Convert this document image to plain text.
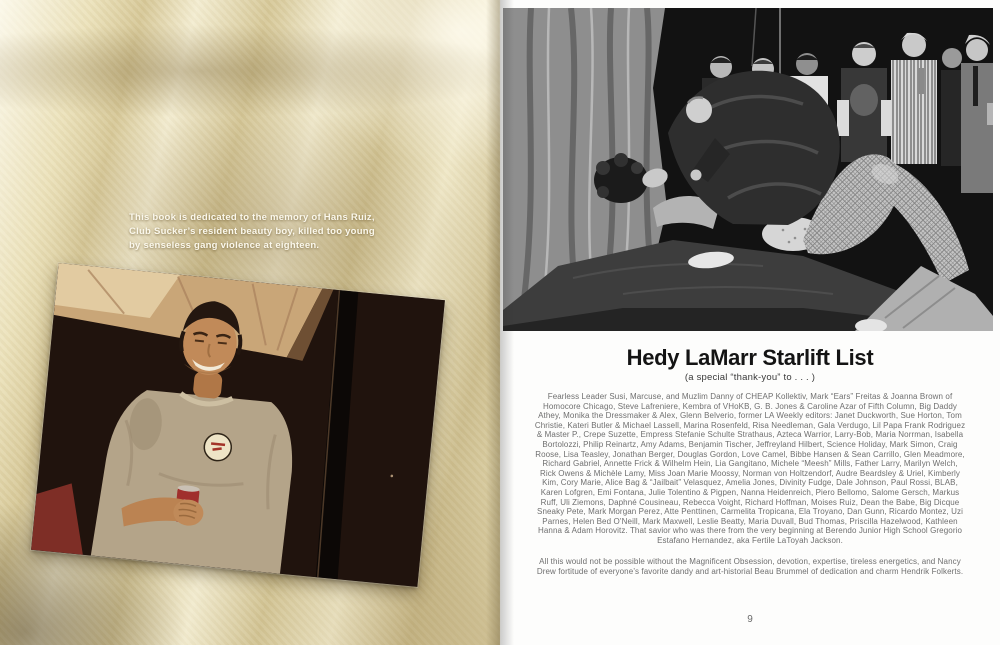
This book is dedicated to the memory of Hans Ruiz,
Club Sucker’s resident beauty boy, killed too young
by senseless gang violence at eighteen.
Hedy LaMarr Starlift List
(a special “thank-you” to . . . )

Fearless Leader Susi, Marcuse, and Muzlim Danny of CHEAP Kollektiv, Mark “Ears” Freitas & Joanna Brown of Homocore Chicago, Steve Lafreniere, Kembra of VHoKB, G. B. Jones & Caroline Azar of Fifth Column, Big Daddy Athey, Monika the Dressmaker & Alex, Glenn Belverio, former LA Weekly editors: Janet Duckworth, Sue Horton, Tom Christie, Kateri Butler & Michael Lassell, Marina Rosenfeld, Risa Needleman, Gala Verdugo, Lil Papa Frank Rodriguez & Master P., Crepe Suzette, Empress Stefanie Schulte Strathaus, Azteca Warrior, Larry-Bob, Maria Norrman, Isabella Bortolozzi, Philip Reinartz, Amy Adams, Benjamin Tischer, Jeffreyland Hilbert, Science Holiday, Mark Simon, Craig Roose, Lisa Teasley, Jonathan Berger, Douglas Gordon, Love Camel, Bibbe Hansen & Sean Carrillo, Glen Meadmore, Richard Gabriel, Annette Frick & Wilhelm Hein, Lia Gangitano, Michele “Meesh” Mills, Father Larry, Marilyn Welch, Rick Owens & Michèle Lamy, Miss Joan Marie Moossy, Norman von Holtzendorf, Audre Beardsley & Uriel, Kimberly Kim, Cory Marie, Alice Bag & “Jailbait” Velasquez, Amelia Jones, Divinity Fudge, Dale Johnson, Paul Rossi, BLAB, Karen Lofgren, Emi Fontana, Julie Tolentino & Pigpen, Nanna Heidenreich, Piero Bellomo, Salome Gersch, Markus Ruff, Uli Ziemons, Daphné Cousineau, Rebecca Voight, Richard Hoffman, Moises Ruiz, Dean the Babe, Big Dicque Sneaky Pete, Mark Morgan Perez, Atte Penttinen, Carmelita Tropicana, Ela Troyano, Dan Gunn, Ricardo Montez, Uzi Parnes, Helen Bed O’Neill, Mark Maxwell, Leslie Beatty, Maria Duvall, Bud Thomas, Priscilla Hazelwood, Kathleen Hanna & Adam Horovitz. That savior who was there from the very beginning at Berendo Junior High School Gregorio Estafano Hernandez, aka Fertile LaToyah Jackson.

All this would not be possible without the Magnificent Obsession, devotion, expertise, tireless energetics, and Nancy Drew fortitude of everyone’s favorite dandy and art-historial Beau Brummel of dedication and charm Hendrik Folkerts.

9
